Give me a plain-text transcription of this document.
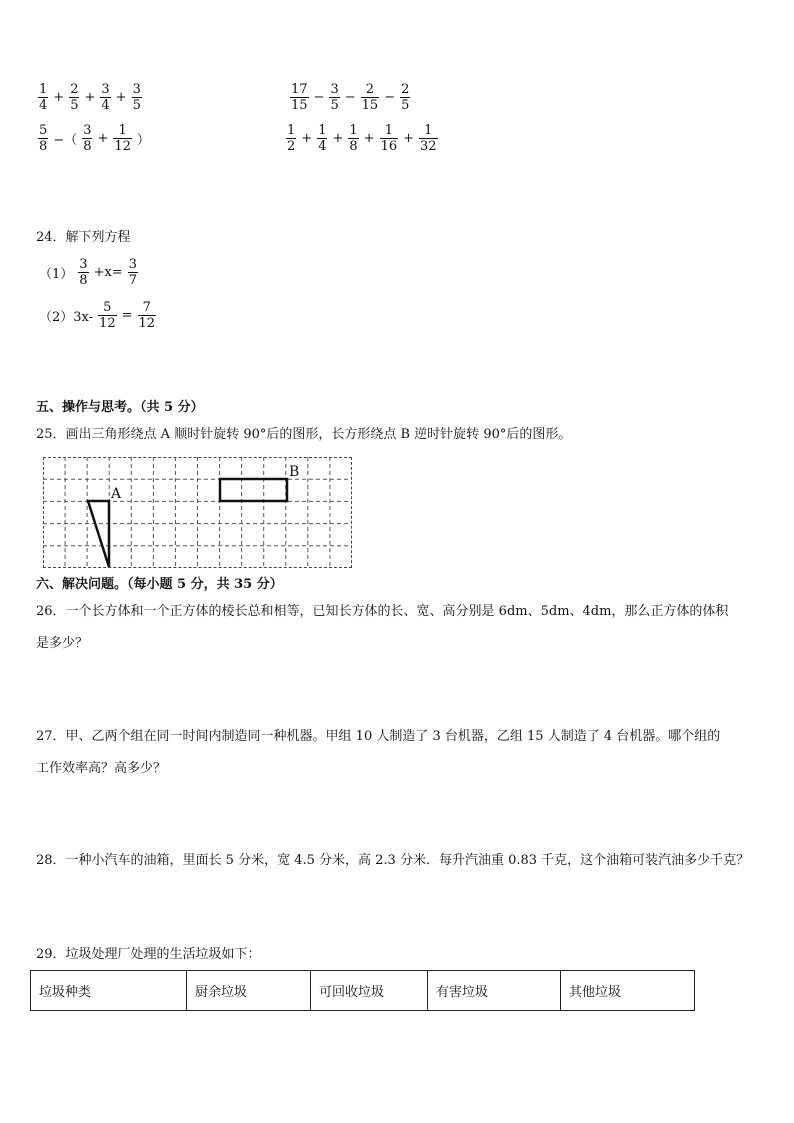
$\frac{1}{4} + \frac{2}{5} + \frac{3}{4} + \frac{3}{5}$	$\frac{17}{15} - \frac{3}{5} - \frac{2}{15} - \frac{2}{5}$
$\frac{5}{8}$ −（ $\frac{3}{8} + \frac{1}{12}$ ）	$\frac{1}{2} + \frac{1}{4} + \frac{1}{8} + \frac{1}{16} + \frac{1}{32}$
24．解下列方程
$(1) \frac{3}{8} +x= \frac{3}{7}$
$(2)3x- \frac{5}{12} = \frac{7}{12}$
五、操作与思考。（共 5 分）
25．画出三角形绕点 A 顺时针旋转 90°后的图形，长方形绕点 B 逆时针旋转 90°后的图形。
A
B
六、解决问题。（每小题 5 分，共 35 分）
26．一个长方体和一个正方体的棱长总和相等，已知长方体的长、宽、高分别是 6dm、5dm、4dm，那么正方体的体积
是多少？
27．甲、乙两个组在同一时间内制造同一种机器。甲组 10 人制造了 3 台机器，乙组 15 人制造了 4 台机器。哪个组的
工作效率高？高多少？
28．一种小汽车的油箱，里面长 5 分米，宽 4.5 分米，高 2.3 分米．每升汽油重 0.83 千克，这个油箱可装汽油多少千克？
29．垃圾处理厂处理的生活垃圾如下：
垃圾种类	厨余垃圾	可回收垃圾	有害垃圾	其他垃圾
